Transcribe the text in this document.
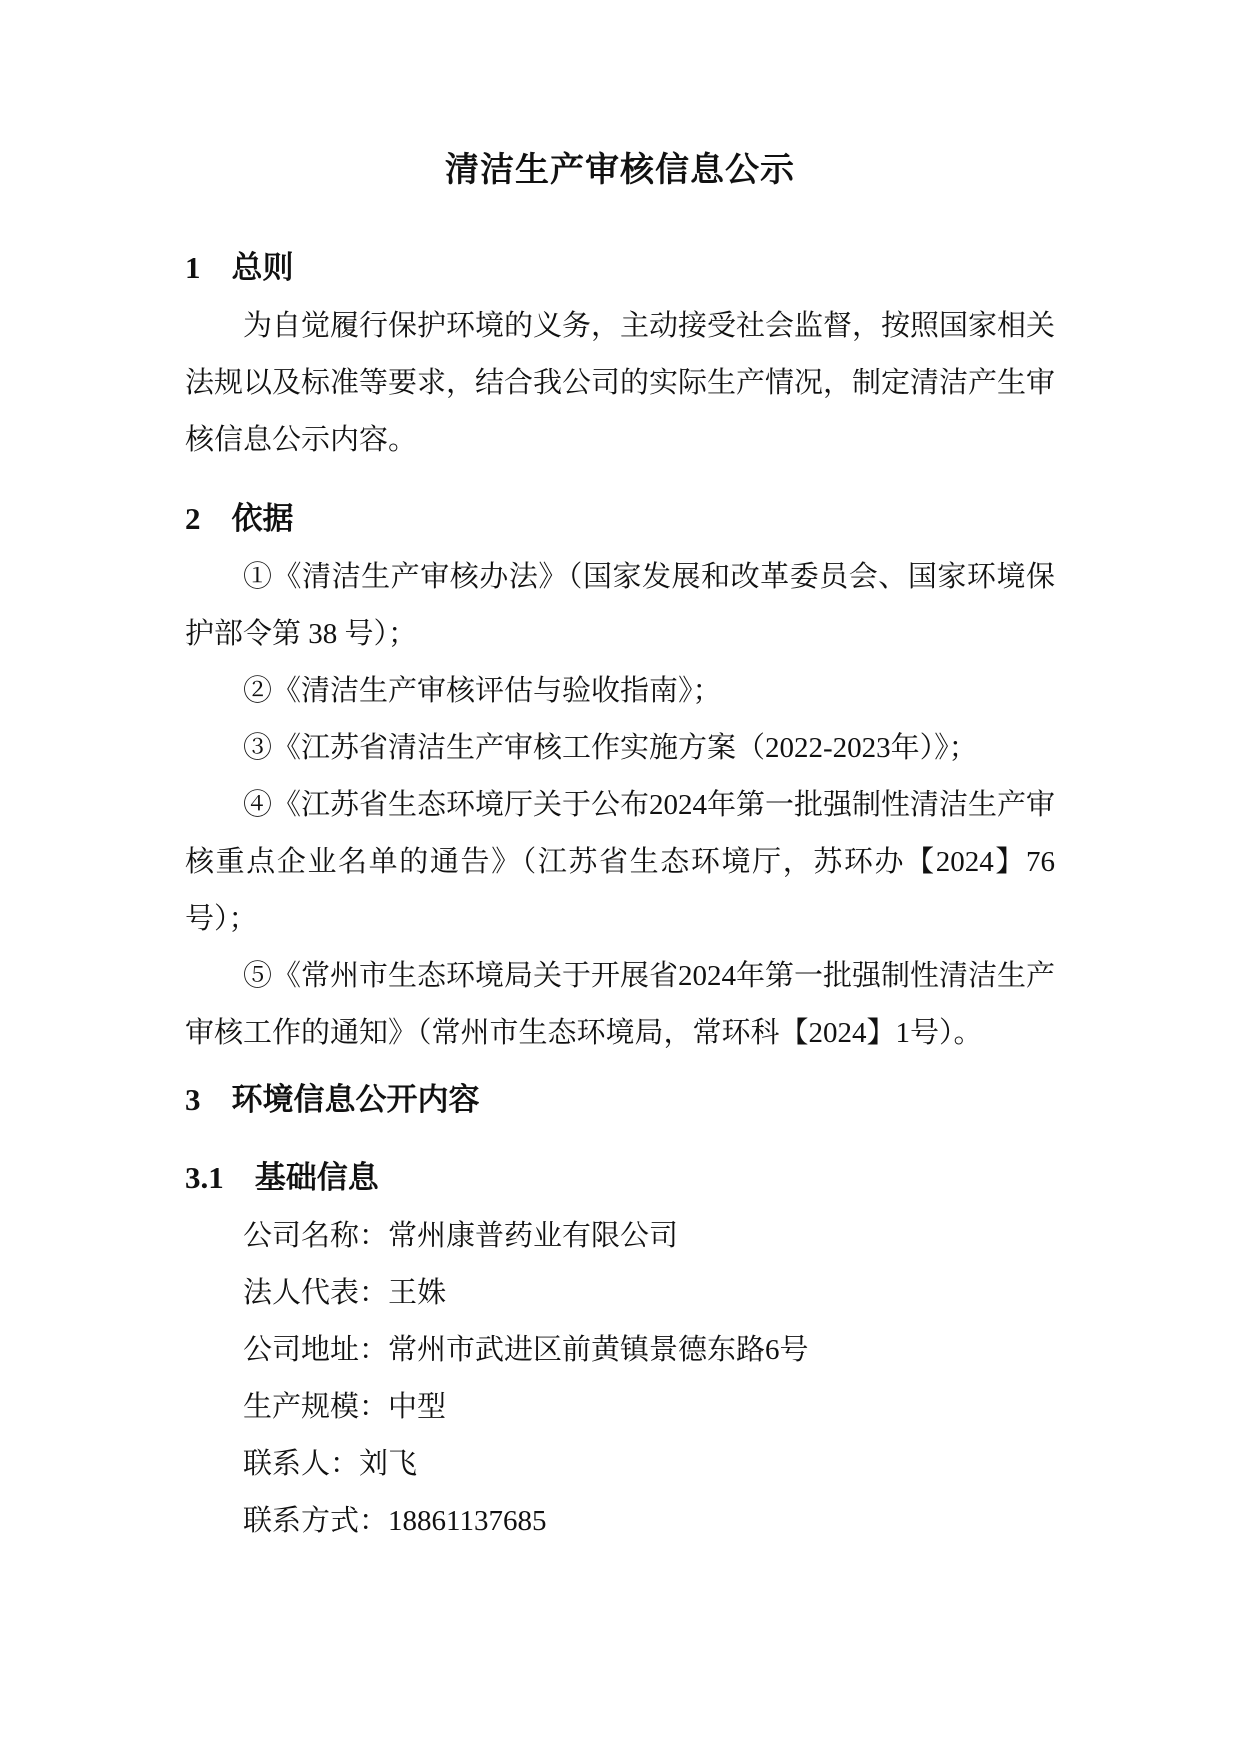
清洁生产审核信息公示
1　总则

为自觉履行保护环境的义务，主动接受社会监督，按照国家相关法规以及标准等要求，结合我公司的实际生产情况，制定清洁产生审核信息公示内容。

2　依据

①《清洁生产审核办法》（国家发展和改革委员会、国家环境保护部令第 38 号）；

②《清洁生产审核评估与验收指南》；

③《江苏省清洁生产审核工作实施方案（2022-2023年）》；

④《江苏省生态环境厅关于公布2024年第一批强制性清洁生产审核重点企业名单的通告》（江苏省生态环境厅，苏环办【2024】76 号）；

⑤《常州市生态环境局关于开展省2024年第一批强制性清洁生产审核工作的通知》（常州市生态环境局，常环科【2024】1号）。

3　环境信息公开内容
3.1　基础信息

公司名称：常州康普药业有限公司

法人代表：王姝

公司地址：常州市武进区前黄镇景德东路6号

生产规模：中型

联系人：刘飞

联系方式：18861137685
